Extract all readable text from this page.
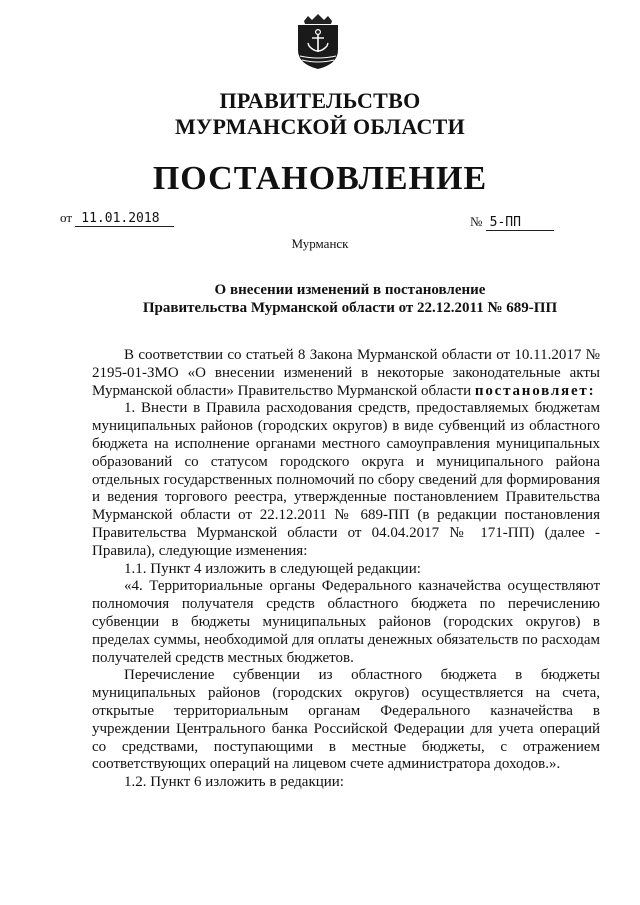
ПРАВИТЕЛЬСТВО
МУРМАНСКОЙ ОБЛАСТИ
ПОСТАНОВЛЕНИЕ
от 11.01.2018	№ 5-ПП
Мурманск
О внесении изменений в постановление
Правительства Мурманской области от 22.12.2011 № 689-ПП

В соответствии со статьей 8 Закона Мурманской области от 10.11.2017 № 2195-01-ЗМО «О внесении изменений в некоторые законодательные акты Мурманской области» Правительство Мурманской области постановляет:

1. Внести в Правила расходования средств, предоставляемых бюджетам муниципальных районов (городских округов) в виде субвенций из областного бюджета на исполнение органами местного самоуправления муниципальных образований со статусом городского округа и муниципального района отдельных государственных полномочий по сбору сведений для формирования и ведения торгового реестра, утвержденные постановлением Правительства Мурманской области от 22.12.2011 № 689-ПП (в редакции постановления Правительства Мурманской области от 04.04.2017 № 171-ПП) (далее - Правила), следующие изменения:

1.1. Пункт 4 изложить в следующей редакции:

«4. Территориальные органы Федерального казначейства осуществляют полномочия получателя средств областного бюджета по перечислению субвенции в бюджеты муниципальных районов (городских округов) в пределах суммы, необходимой для оплаты денежных обязательств по расходам получателей средств местных бюджетов.

Перечисление субвенции из областного бюджета в бюджеты муниципальных районов (городских округов) осуществляется на счета, открытые территориальным органам Федерального казначейства в учреждении Центрального банка Российской Федерации для учета операций со средствами, поступающими в местные бюджеты, с отражением соответствующих операций на лицевом счете администратора доходов.».

1.2. Пункт 6 изложить в редакции:
